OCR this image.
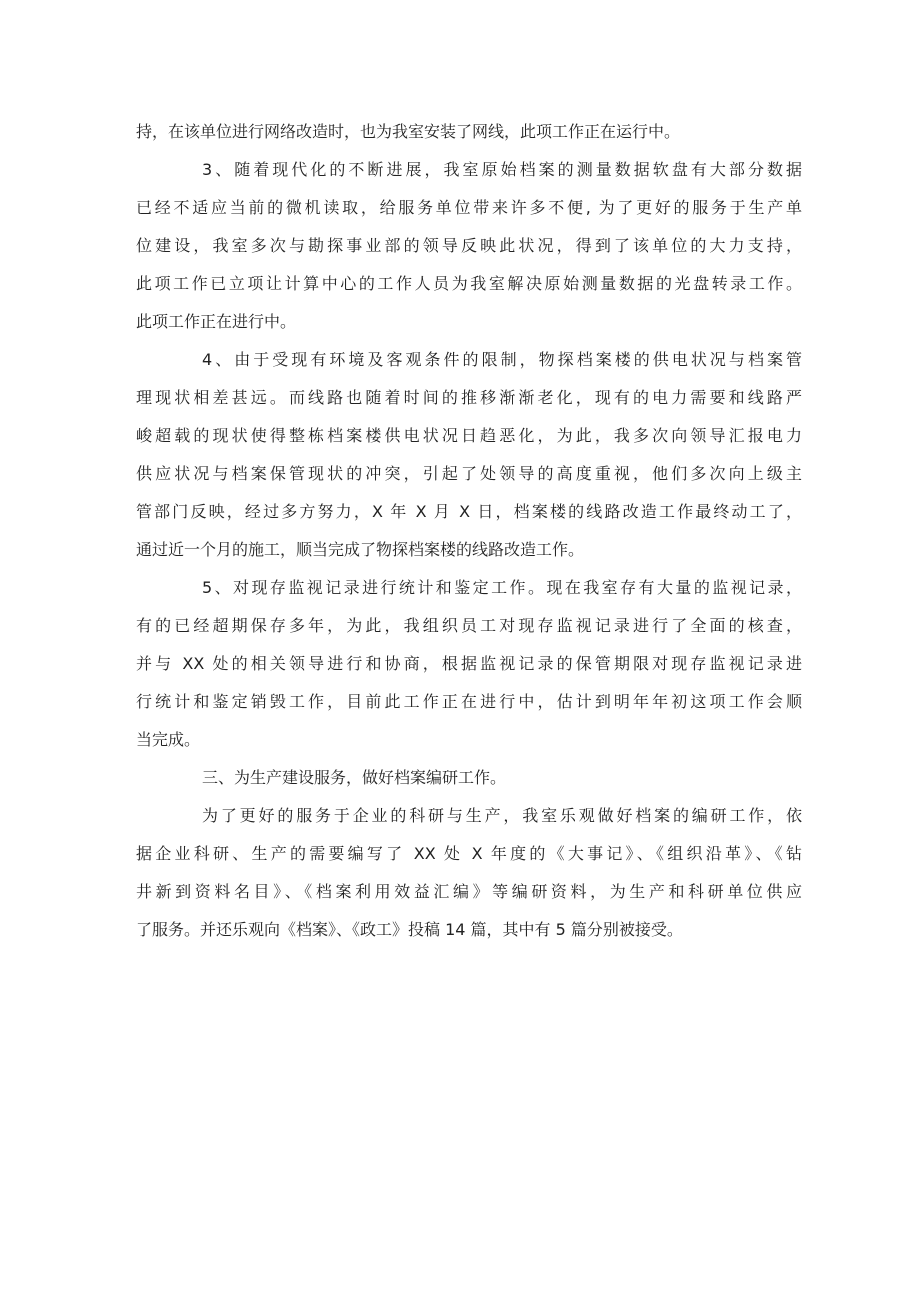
持，在该单位进行网络改造时，也为我室安装了网线，此项工作正在运行中。
3、随着现代化的不断进展，我室原始档案的测量数据软盘有大部分数据
已经不适应当前的微机读取，给服务单位带来许多不便, 为了更好的服务于生产单
位建设，我室多次与勘探事业部的领导反映此状况，得到了该单位的大力支持，
此项工作已立项让计算中心的工作人员为我室解决原始测量数据的光盘转录工作。
此项工作正在进行中。
4、由于受现有环境及客观条件的限制，物探档案楼的供电状况与档案管
理现状相差甚远。而线路也随着时间的推移渐渐老化，现有的电力需要和线路严
峻超载的现状使得整栋档案楼供电状况日趋恶化，为此，我多次向领导汇报电力
供应状况与档案保管现状的冲突，引起了处领导的高度重视，他们多次向上级主
管部门反映，经过多方努力，X 年 X 月 X 日，档案楼的线路改造工作最终动工了，
通过近一个月的施工，顺当完成了物探档案楼的线路改造工作。
5、对现存监视记录进行统计和鉴定工作。现在我室存有大量的监视记录，
有的已经超期保存多年，为此，我组织员工对现存监视记录进行了全面的核查，
并与 XX 处的相关领导进行和协商，根据监视记录的保管期限对现存监视记录进
行统计和鉴定销毁工作，目前此工作正在进行中，估计到明年年初这项工作会顺
当完成。
三、为生产建设服务，做好档案编研工作。
为了更好的服务于企业的科研与生产，我室乐观做好档案的编研工作，依
据企业科研、生产的需要编写了 XX 处 X 年度的《大事记》、《组织沿革》、《钻
井新到资料名目》、《档案利用效益汇编》等编研资料，为生产和科研单位供应
了服务。并还乐观向《档案》、《政工》投稿 14 篇，其中有 5 篇分别被接受。
